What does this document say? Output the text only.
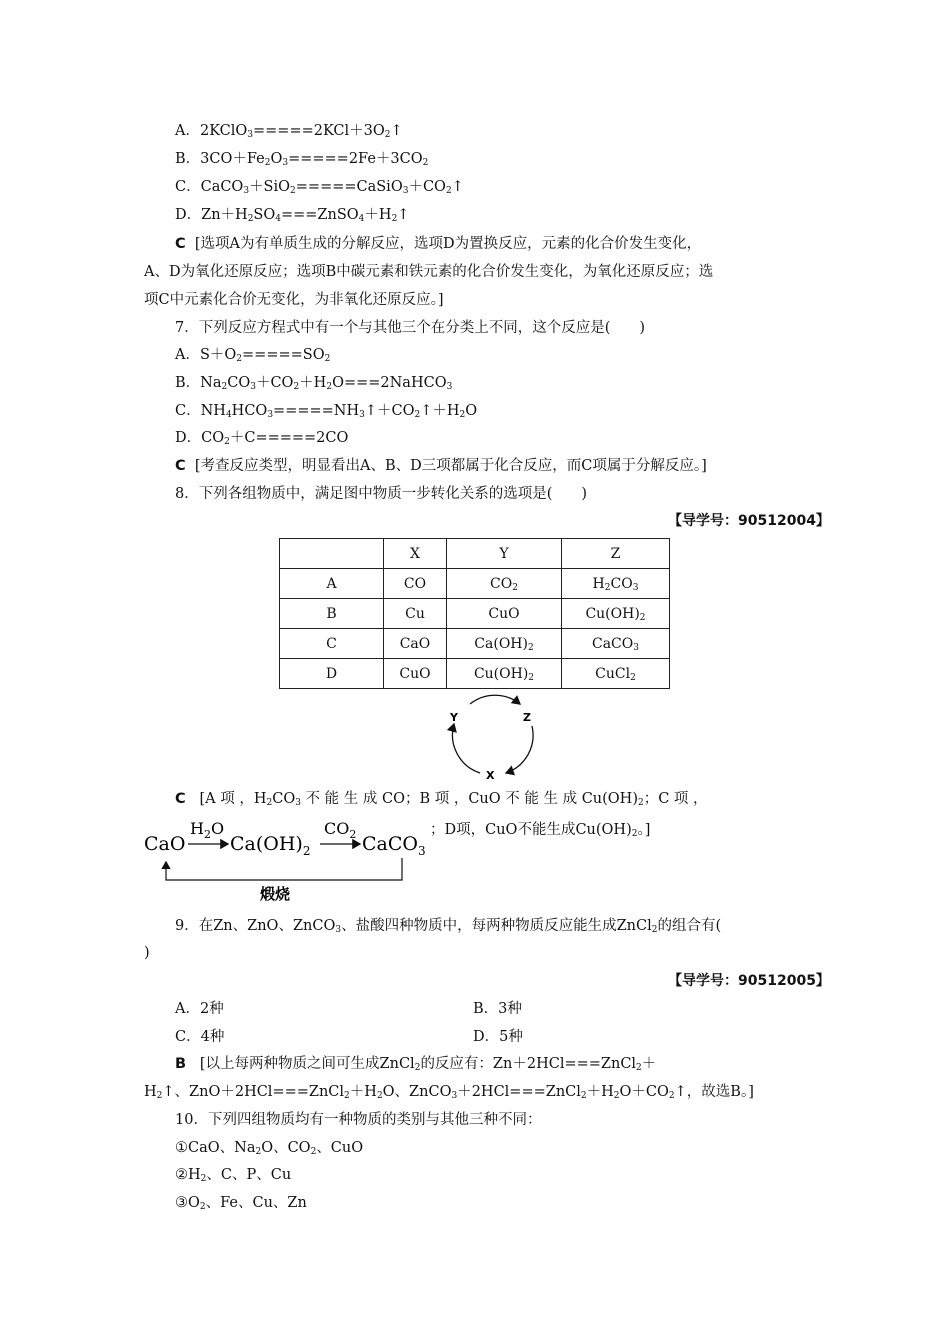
A．$2KClO_3=====2KCl+3O_2↑$
B．$3CO+Fe_2O_3=====2Fe+3CO_2$
C．$CaCO_3+SiO_2=====CaSiO_3+CO_2↑$
D．$Zn+H_2SO_4===ZnSO_4+H_2↑$
C [选项A为有单质生成的分解反应，选项D为置换反应，元素的化合价发生变化，
A、D为氧化还原反应；选项B中碳元素和铁元素的化合价发生变化，为氧化还原反应；选
项C中元素化合价无变化，为非氧化还原反应。]
7．下列反应方程式中有一个与其他三个在分类上不同，这个反应是(　　)
A．$S+O_2=====SO_2$
B．$Na_2CO_3+CO_2+H_2O===2NaHCO_3$
C．$NH_4HCO_3=====NH_3↑+CO_2↑+H_2O$
D．$CO_2+C=====2CO$
C [考查反应类型，明显看出A、B、D三项都属于化合反应，而C项属于分解反应。]
8．下列各组物质中，满足图中物质一步转化关系的选项是(　　)
【导学号：90512004】
	X	Y	Z
A	CO	$CO_2$	$H_2CO_3$
B	Cu	CuO	$Cu(OH)_2$
C	CaO	$Ca(OH)_2$	CaCO$_3$
D	CuO	$Cu(OH)_2$	CuCl$_2$
Y	Z
X
C [A 项 ，$H_2CO_3$ 不 能 生 成 CO；B 项 ，CuO 不 能 生 成 $Cu(OH)_2$；C 项 ，
CaO
$H_2O$
$Ca(OH)_2$
$CO_2$ CaCO$_3$
煅烧
；D项，CuO不能生成$Cu(OH)_2$。]
9．在Zn、ZnO、ZnCO$_3$、盐酸四种物质中，每两种物质反应能生成ZnCl$_2$的组合有(
)
【导学号：90512005】
A．2种	B．3种
C．4种	D．5种
B [以上每两种物质之间可生成ZnCl$_2$的反应有：Zn＋2HCl===ZnCl$_2$＋
$H_2↑$、$ZnO+2HCl===ZnCl_2+H_2O$、$ZnCO_3+2HCl===ZnCl_2+H_2O+CO_2↑$，故选B。]
10．下列四组物质均有一种物质的类别与其他三种不同：
①CaO、$Na_2O$、$CO_2$、CuO
$②H_2$、C、P、Cu
$③O_2$、Fe、Cu、Zn
